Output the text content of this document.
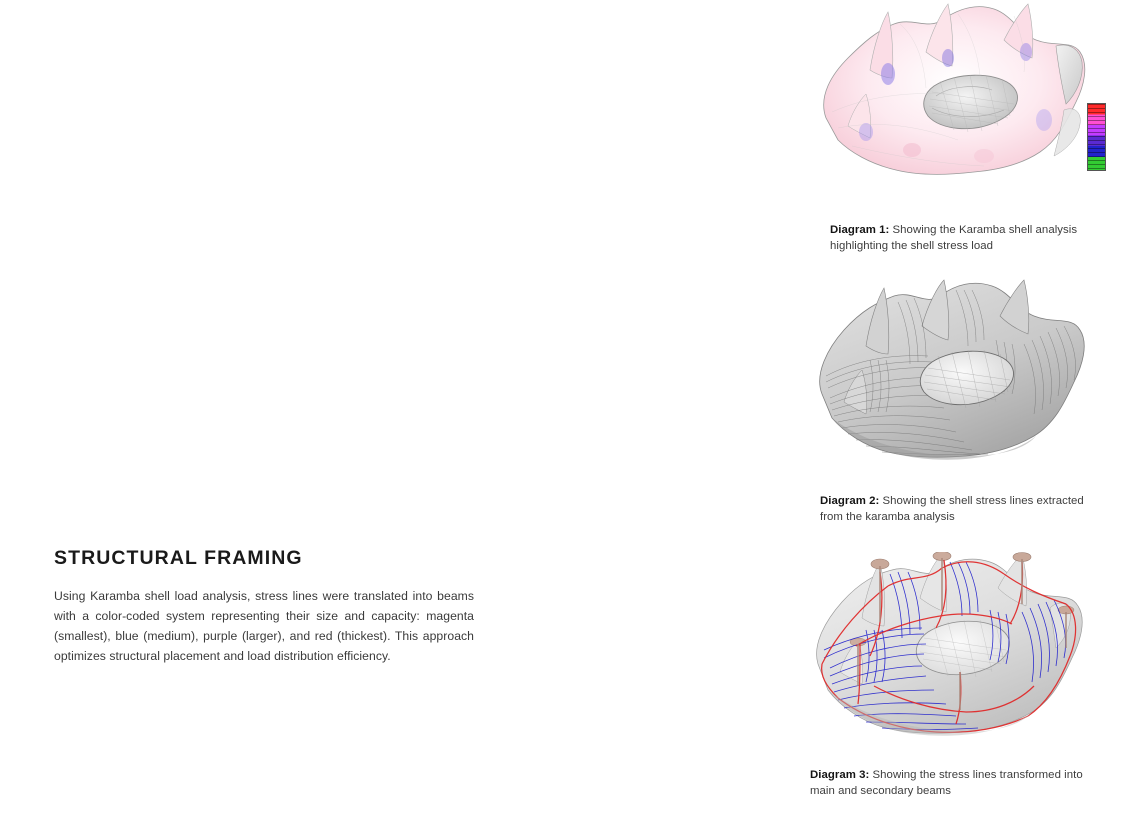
STRUCTURAL FRAMING

Using Karamba shell load analysis, stress lines were translated into beams with a color-coded system representing their size and capacity: magenta (smallest), blue (medium), purple (larger), and red (thickest). This approach optimizes structural placement and load distribution efficiency.

Diagram 1: Showing the Karamba shell analysis highlighting the shell stress load

Diagram 2: Showing the shell stress lines extracted from the karamba analysis

Diagram 3: Showing the stress lines transformed into main and secondary beams
